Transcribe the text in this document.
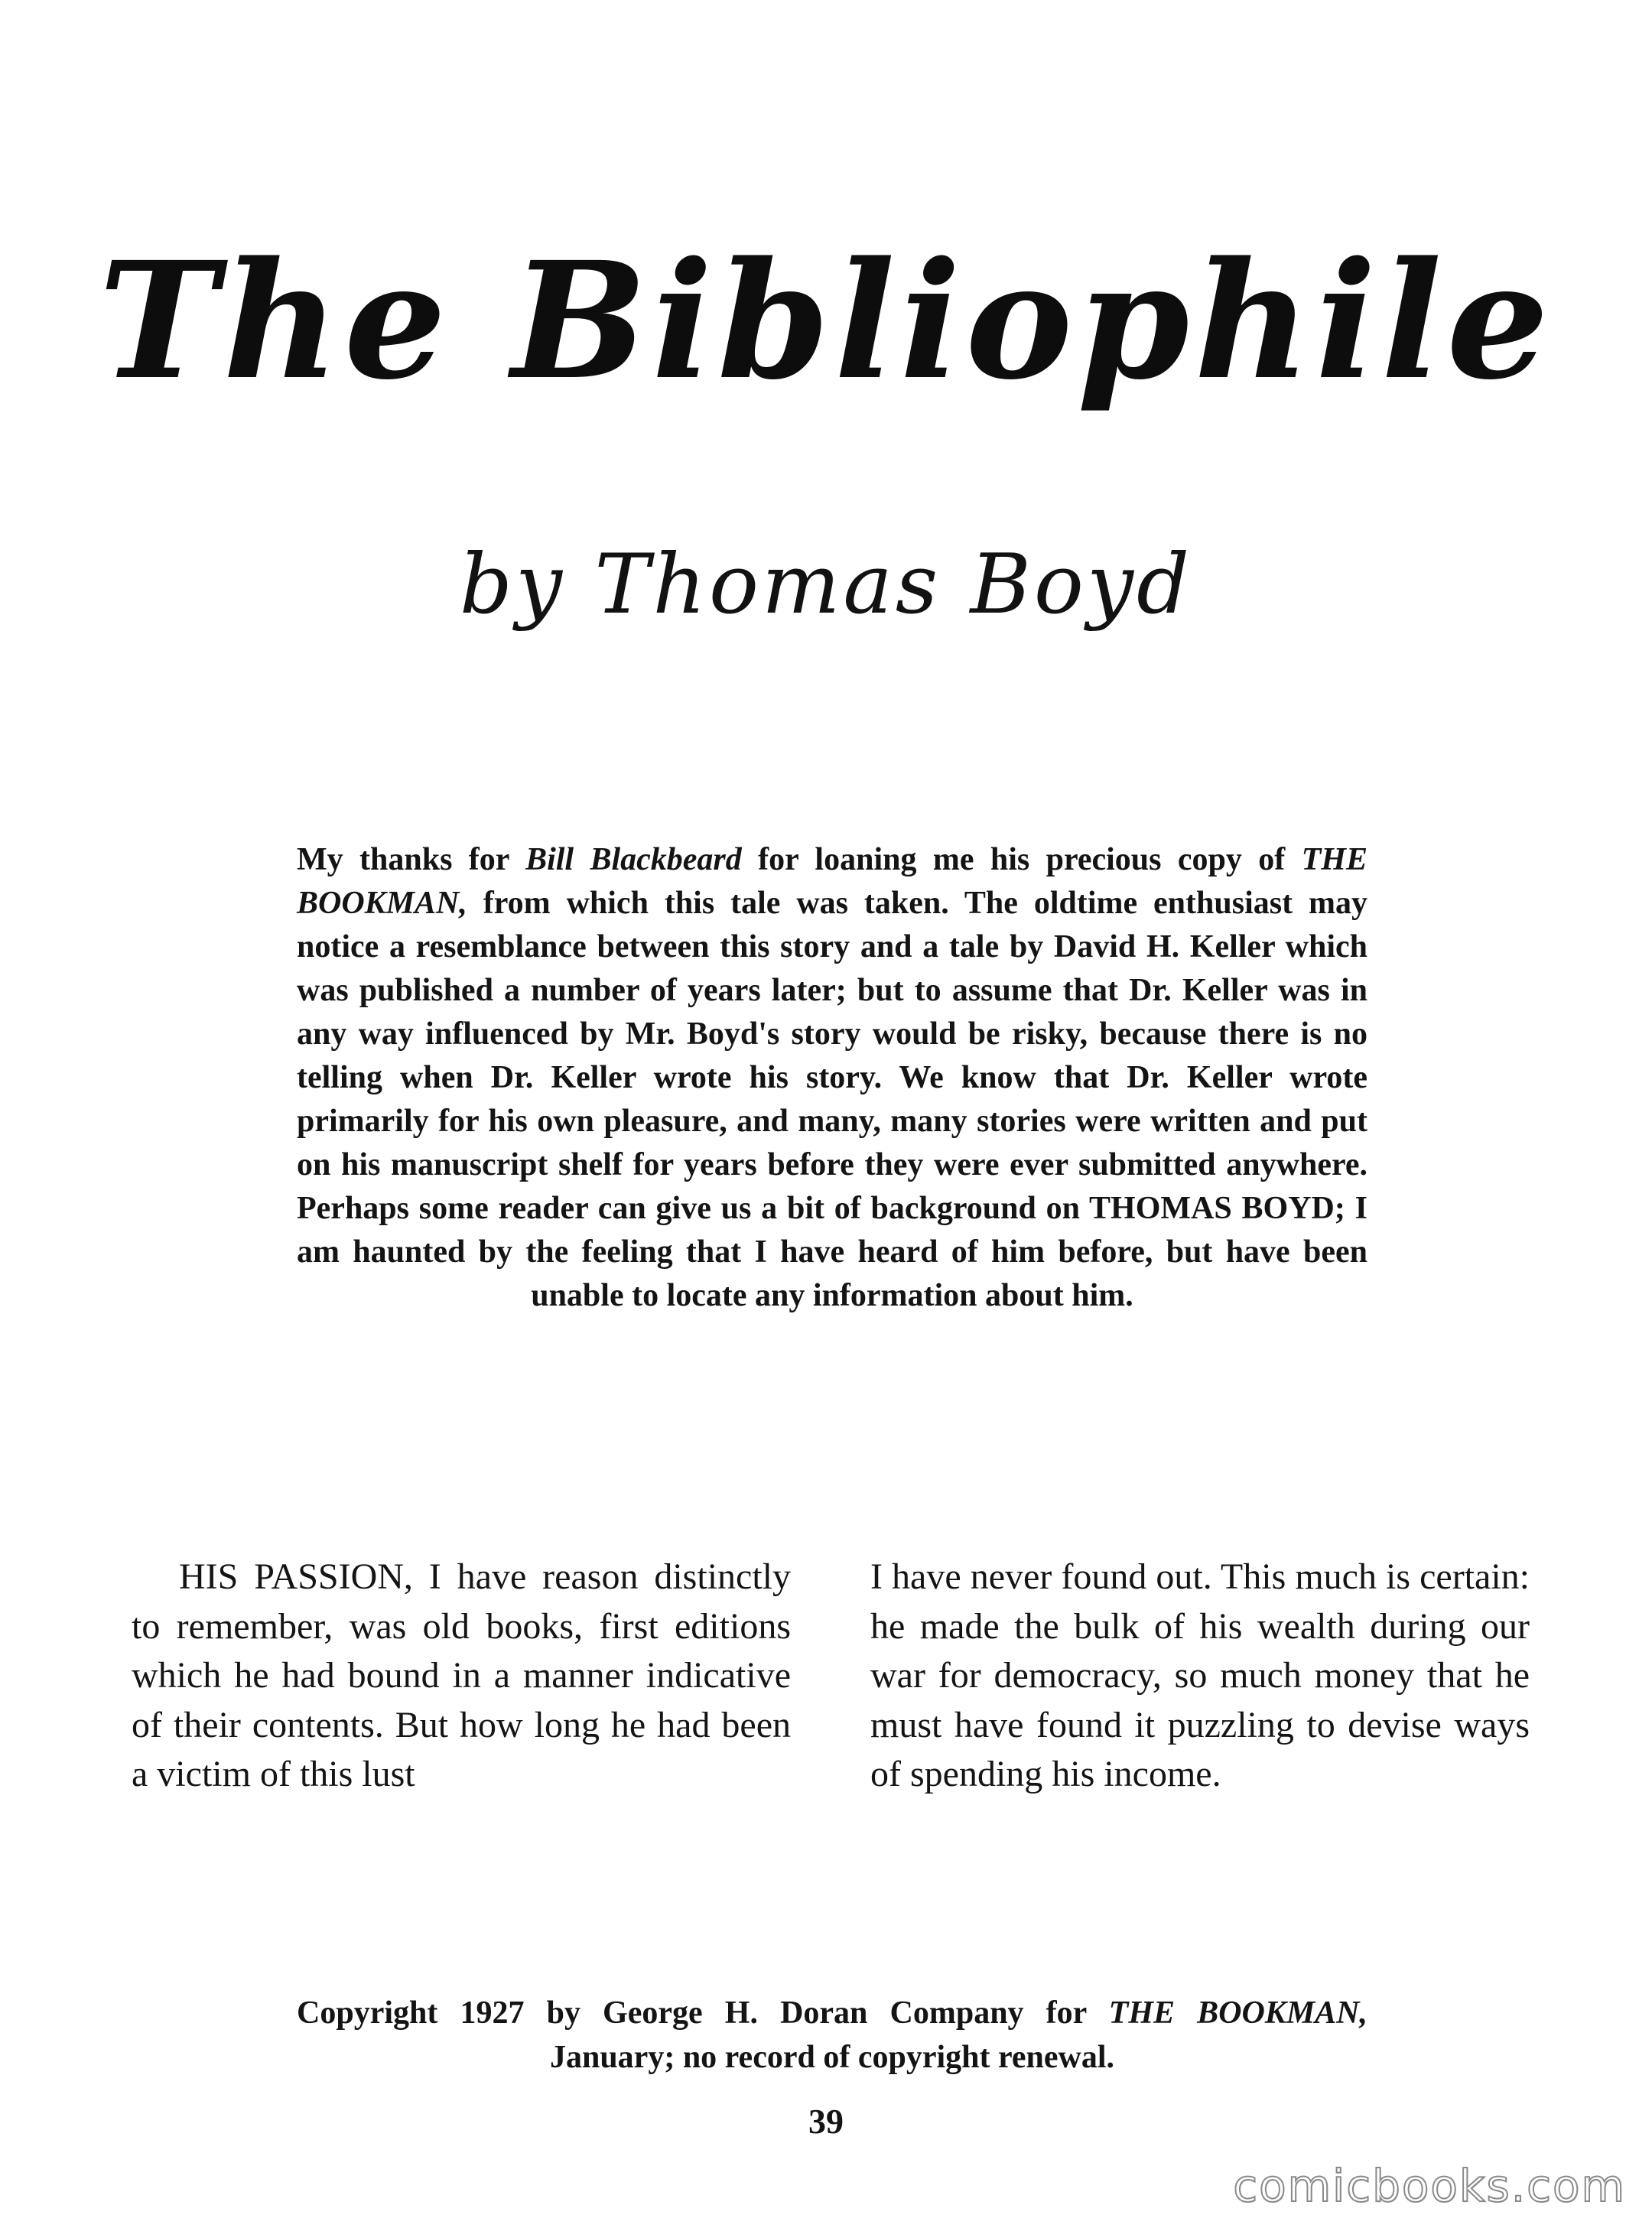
The Bibliophile
by Thomas Boyd
My thanks for Bill Blackbeard for loaning me his precious copy of THE BOOKMAN, from which this tale was taken. The oldtime enthusiast may notice a resemblance between this story and a tale by David H. Keller which was published a number of years later; but to assume that Dr. Keller was in any way influenced by Mr. Boyd's story would be risky, because there is no telling when Dr. Keller wrote his story. We know that Dr. Keller wrote primarily for his own pleasure, and many, many stories were written and put on his manuscript shelf for years before they were ever submitted anywhere. Perhaps some reader can give us a bit of background on THOMAS BOYD; I am haunted by the feeling that I have heard of him before, but have been unable to locate any information about him.
HIS PASSION, I have reason distinctly to remember, was old books, first editions which he had bound in a manner indicative of their contents. But how long he had been a victim of this lust
I have never found out. This much is certain: he made the bulk of his wealth during our war for democracy, so much money that he must have found it puzzling to devise ways of spending his income.
Copyright 1927 by George H. Doran Company for THE BOOKMAN, January; no record of copyright renewal.
39
comicbooks.com
